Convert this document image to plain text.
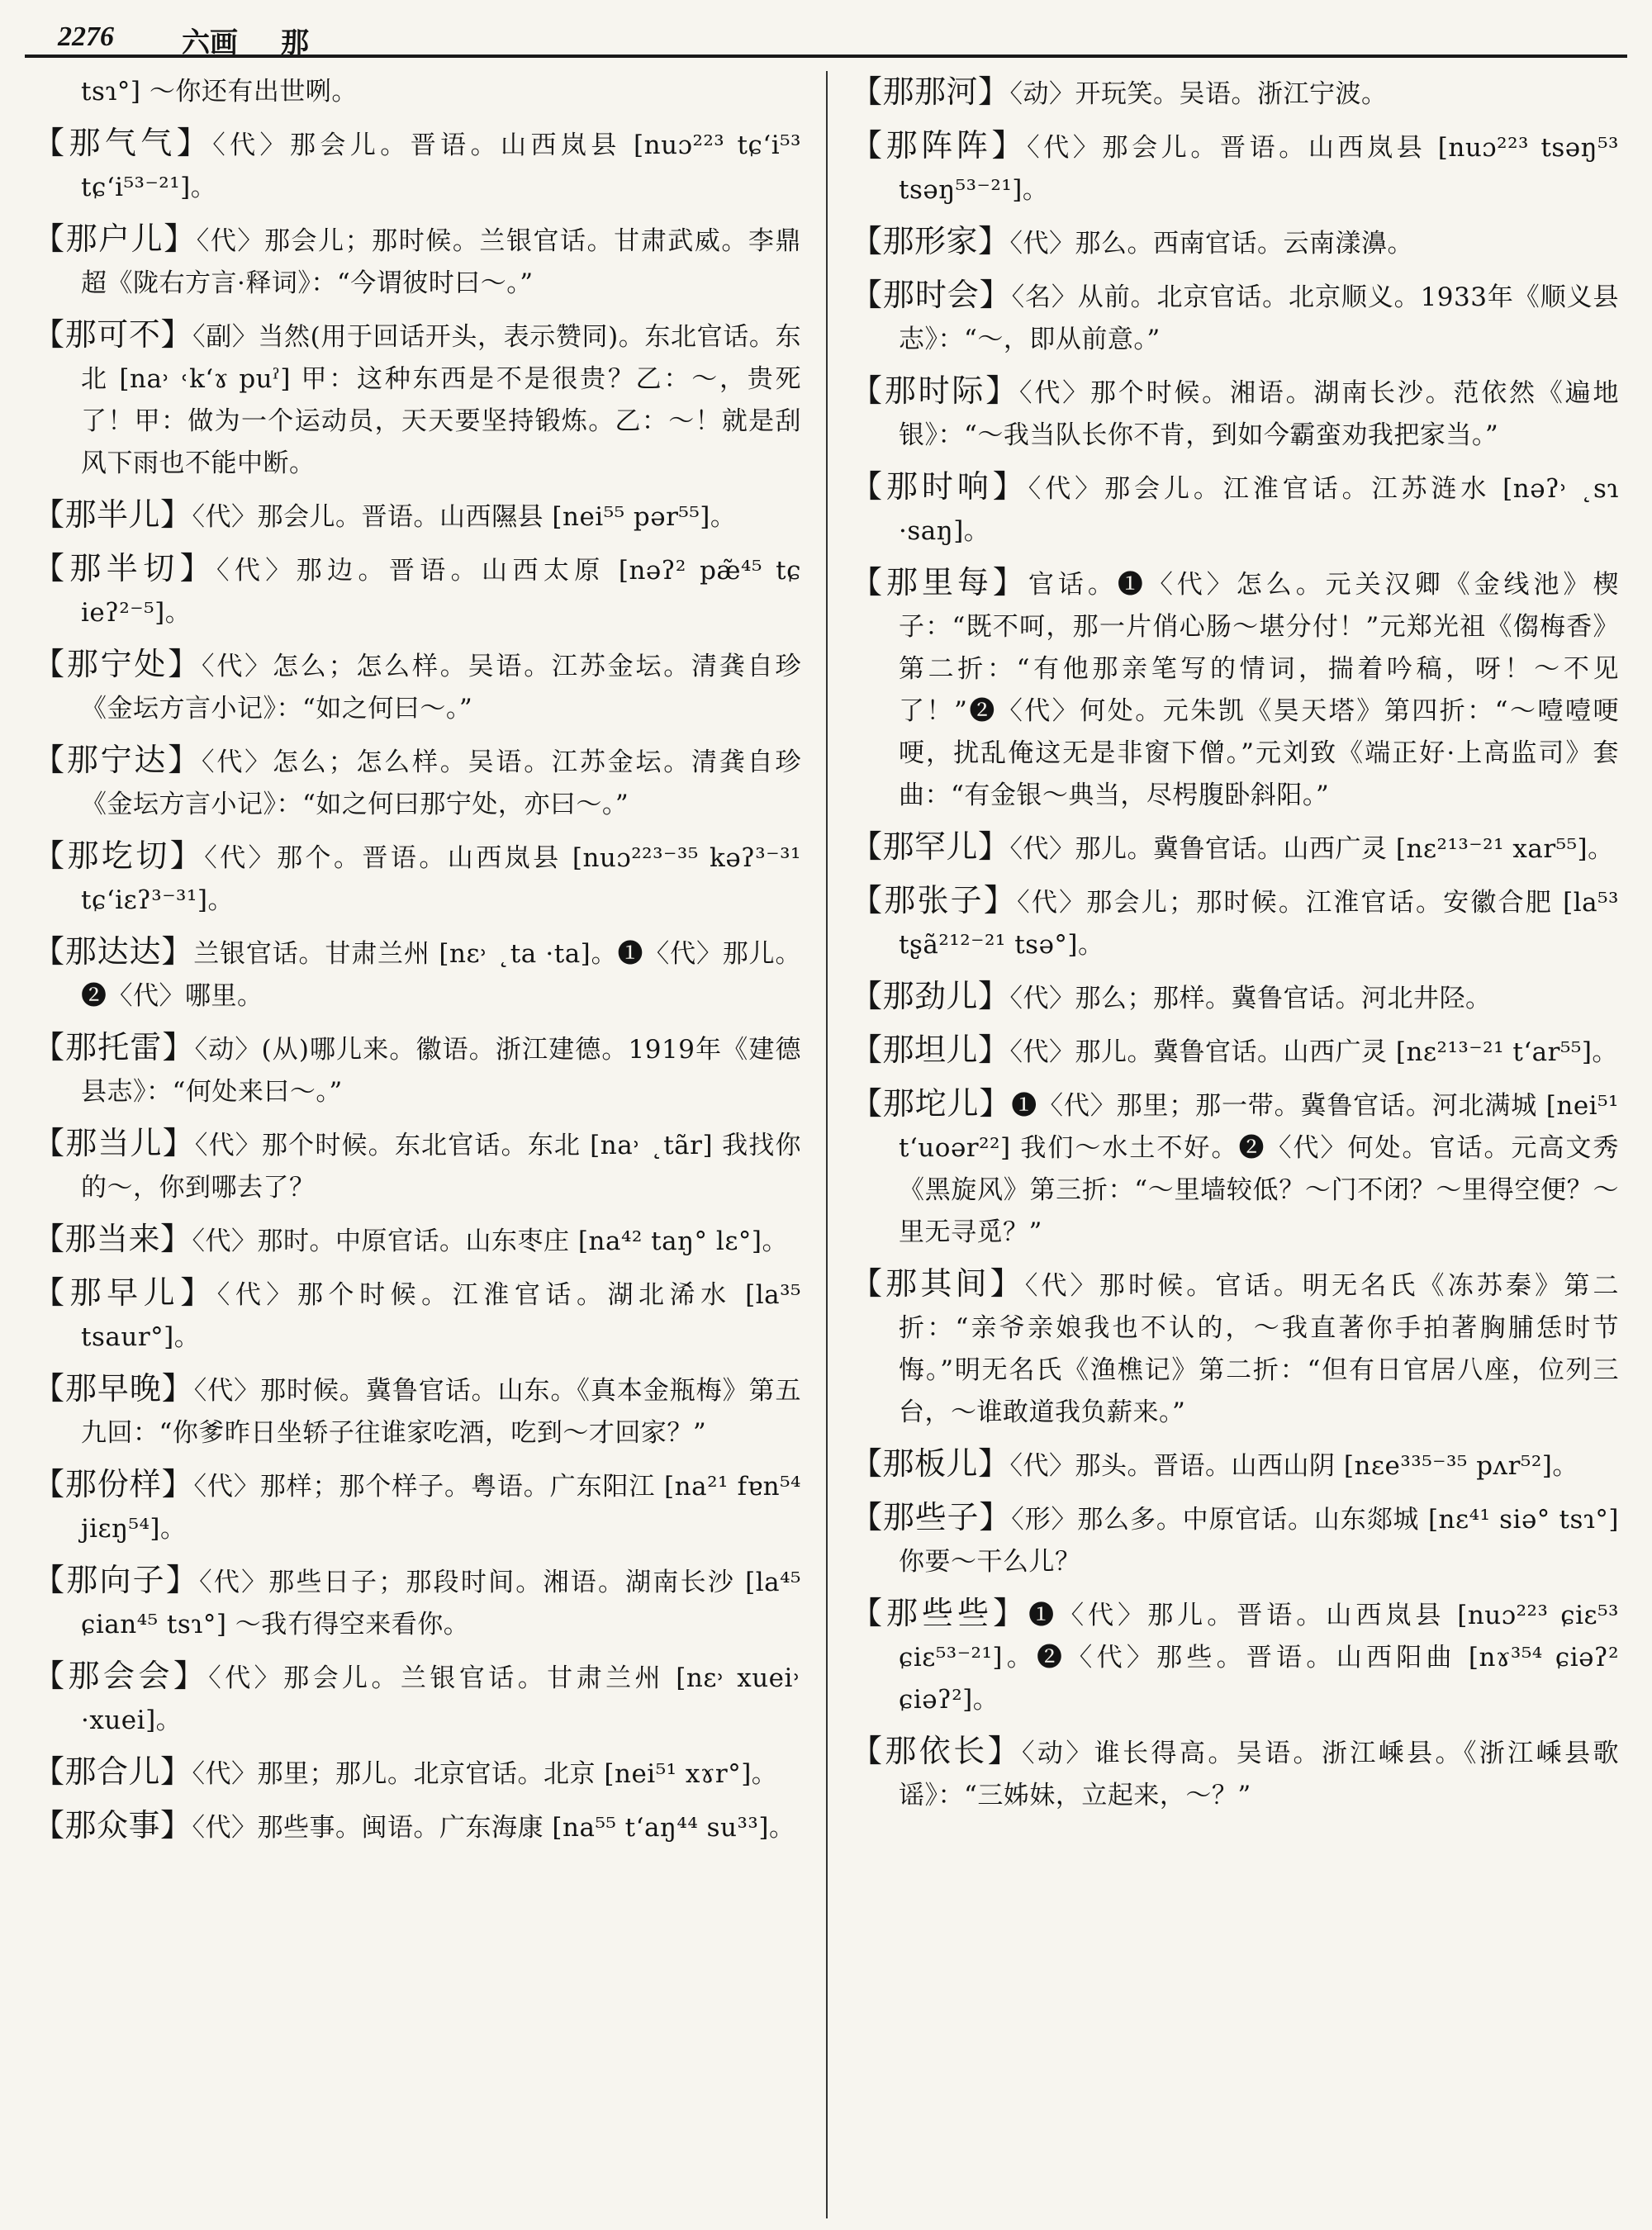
2276 六画 那

tsɿ°] ～你还有出世咧。

【 那气气 】 〈代〉那会儿。晋语。山西岚县 [nuɔ²²³ tɕʻi⁵³ tɕʻi⁵³⁻²¹]。

【 那户儿 】 〈代〉那会儿；那时候。兰银官话。甘肃武威。李鼎超《陇右方言·释词》：“今谓彼时曰～。”

【 那可不 】 〈副〉当然(用于回话开头，表示赞同)。东北官话。东北 [na˒ ˓kʻɤ puˀ] 甲：这种东西是不是很贵？乙：～，贵死了！甲：做为一个运动员，天天要坚持锻炼。乙：～！就是刮风下雨也不能中断。

【 那半儿 】 〈代〉那会儿。晋语。山西隰县 [nei⁵⁵ pər⁵⁵]。

【 那半切 】 〈代〉那边。晋语。山西太原 [nəʔ² pæ̃⁴⁵ tɕ ieʔ²⁻⁵]。

【 那宁处 】 〈代〉怎么；怎么样。吴语。江苏金坛。清龚自珍《金坛方言小记》：“如之何曰～。”

【 那宁达 】 〈代〉怎么；怎么样。吴语。江苏金坛。清龚自珍《金坛方言小记》：“如之何曰那宁处，亦曰～。”

【 那圪切 】 〈代〉那个。晋语。山西岚县 [nuɔ²²³⁻³⁵ kəʔ³⁻³¹ tɕʻiɛʔ³⁻³¹]。

【 那达达 】 兰银官话。甘肃兰州 [nɛ˒ ˛ta ·ta]。❶〈代〉那儿。❷〈代〉哪里。

【 那托雷 】 〈动〉(从)哪儿来。徽语。浙江建德。1919年《建德县志》：“何处来曰～。”

【 那当儿 】 〈代〉那个时候。东北官话。东北 [na˒ ˛tãr] 我找你的～，你到哪去了？

【 那当来 】 〈代〉那时。中原官话。山东枣庄 [na⁴² taŋ° lɛ°]。

【 那早儿 】 〈代〉那个时候。江淮官话。湖北浠水 [la³⁵ tsaur°]。

【 那早晚 】 〈代〉那时候。冀鲁官话。山东。《真本金瓶梅》第五九回：“你爹昨日坐轿子往谁家吃酒，吃到～才回家？”

【 那份样 】 〈代〉那样；那个样子。粤语。广东阳江 [na²¹ fɐn⁵⁴ jiɛŋ⁵⁴]。

【 那向子 】 〈代〉那些日子；那段时间。湘语。湖南长沙 [la⁴⁵ ɕian⁴⁵ tsɿ°] ～我冇得空来看你。

【 那会会 】 〈代〉那会儿。兰银官话。甘肃兰州 [nɛ˒ xuei˒ ·xuei]。

【 那合儿 】 〈代〉那里；那儿。北京官话。北京 [nei⁵¹ xɤr°]。

【 那众事 】 〈代〉那些事。闽语。广东海康 [na⁵⁵ tʻaŋ⁴⁴ su³³]。

【 那那河 】 〈动〉开玩笑。吴语。浙江宁波。

【 那阵阵 】 〈代〉那会儿。晋语。山西岚县 [nuɔ²²³ tsəŋ⁵³ tsəŋ⁵³⁻²¹]。

【 那形家 】 〈代〉那么。西南官话。云南漾濞。

【 那时会 】 〈名〉从前。北京官话。北京顺义。1933年《顺义县志》：“～，即从前意。”

【 那时际 】 〈代〉那个时候。湘语。湖南长沙。范依然《遍地银》：“～我当队长你不肯，到如今霸蛮劝我把家当。”

【 那时响 】 〈代〉那会儿。江淮官话。江苏涟水 [nəʔ˒ ˛sɿ ·saŋ]。

【 那里每 】 官话。❶〈代〉怎么。元关汉卿《金线池》楔子：“既不呵，那一片俏心肠～堪分付！”元郑光祖《㑳梅香》第二折：“有他那亲笔写的情词，揣着吟稿，呀！～不见了！”❷〈代〉何处。元朱凯《昊天塔》第四折：“～噎噎哽哽，扰乱俺这无是非窗下僧。”元刘致《端正好·上高监司》套曲：“有金银～典当，尽枵腹卧斜阳。”

【 那罕儿 】 〈代〉那儿。冀鲁官话。山西广灵 [nɛ²¹³⁻²¹ xar⁵⁵]。

【 那张子 】 〈代〉那会儿；那时候。江淮官话。安徽合肥 [la⁵³ tʂã²¹²⁻²¹ tsə°]。

【 那劲儿 】 〈代〉那么；那样。冀鲁官话。河北井陉。

【 那坦儿 】 〈代〉那儿。冀鲁官话。山西广灵 [nɛ²¹³⁻²¹ tʻar⁵⁵]。

【 那坨儿 】 ❶〈代〉那里；那一带。冀鲁官话。河北满城 [nei⁵¹ tʻuoər²²] 我们～水土不好。❷〈代〉何处。官话。元高文秀《黑旋风》第三折：“～里墙较低？～门不闭？～里得空便？～里无寻觅？”

【 那其间 】 〈代〉那时候。官话。明无名氏《冻苏秦》第二折：“亲爷亲娘我也不认的，～我直著你手拍著胸脯恁时节悔。”明无名氏《渔樵记》第二折：“但有日官居八座，位列三台，～谁敢道我负薪来。”

【 那板儿 】 〈代〉那头。晋语。山西山阴 [nɛe³³⁵⁻³⁵ pʌr⁵²]。

【 那些子 】 〈形〉那么多。中原官话。山东郯城 [nɛ⁴¹ siə° tsɿ°] 你要～干么儿？

【 那些些 】 ❶〈代〉那儿。晋语。山西岚县 [nuɔ²²³ ɕiɛ⁵³ ɕiɛ⁵³⁻²¹]。❷〈代〉那些。晋语。山西阳曲 [nɤ³⁵⁴ ɕiəʔ² ɕiəʔ²]。

【 那依长 】 〈动〉谁长得高。吴语。浙江嵊县。《浙江嵊县歌谣》：“三姊妹，立起来，～？”
